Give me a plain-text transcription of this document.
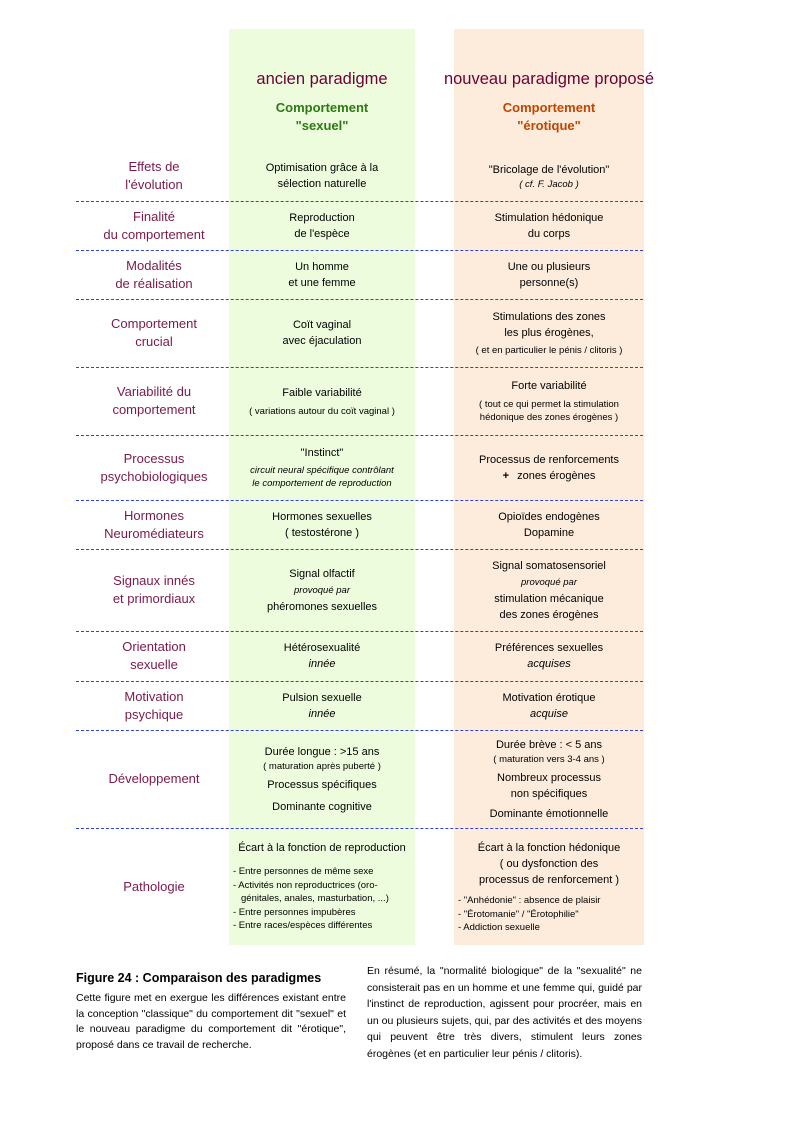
ancien paradigme	nouveau paradigme proposé
Comportement
"sexuel"
Comportement
"érotique"
Effets de
l'évolution
Optimisation grâce à la
sélection naturelle
"Bricolage de l'évolution"
( cf. F. Jacob )
Finalité
du comportement
Reproduction
de l'espèce
Stimulation hédonique
du corps
Modalités
de réalisation
Un homme
et une femme
Une ou plusieurs
personne(s)
Comportement
crucial
Coït vaginal
avec éjaculation
Stimulations des zones
les plus érogènes,
( et en particulier le pénis / clitoris )
Variabilité du
comportement
Faible variabilité
( variations autour du coït vaginal )
Forte variabilité
( tout ce qui permet la stimulation
hédonique des zones érogènes )
Processus
psychobiologiques
"Instinct"
circuit neural spécifique contrôlant
le comportement de reproduction
Processus de renforcements
+ zones érogènes
Hormones
Neuromédiateurs
Hormones sexuelles
( testostérone )
Opioïdes endogènes
Dopamine
Signaux innés
et primordiaux
Signal olfactif
provoqué par
phéromones sexuelles
Signal somatosensoriel
provoqué par
stimulation mécanique
des zones érogènes
Orientation
sexuelle
Hétérosexualité
innée
Préférences sexuelles
acquises
Motivation
psychique
Pulsion sexuelle
innée
Motivation érotique
acquise
Développement
Durée longue : >15 ans
( maturation après puberté )
Processus spécifiques
Dominante cognitive
Durée brève : < 5 ans
( maturation vers 3-4 ans )
Nombreux processus
non spécifiques
Dominante émotionnelle
Pathologie
Écart à la fonction de reproduction
- Entre personnes de même sexe
- Activités non reproductrices (oro-
génitales, anales, masturbation, ...)
- Entre personnes impubères
- Entre races/espèces différentes
Écart à la fonction hédonique
( ou dysfonction des
processus de renforcement )
- "Anhédonie" : absence de plaisir
- "Érotomanie" / "Érotophilie"
- Addiction sexuelle
Figure 24 : Comparaison des paradigmes
Cette figure met en exergue les différences existant entre la conception "classique" du comportement dit "sexuel" et le nouveau paradigme du comportement dit "érotique", proposé dans ce travail de recherche.
En résumé, la "normalité biologique" de la "sexualité" ne consisterait pas en un homme et une femme qui, guidé par l'instinct de reproduction, agissent pour procréer, mais en un ou plusieurs sujets, qui, par des activités et des moyens qui peuvent être très divers, stimulent leurs zones érogènes (et en particulier leur pénis / clitoris).
